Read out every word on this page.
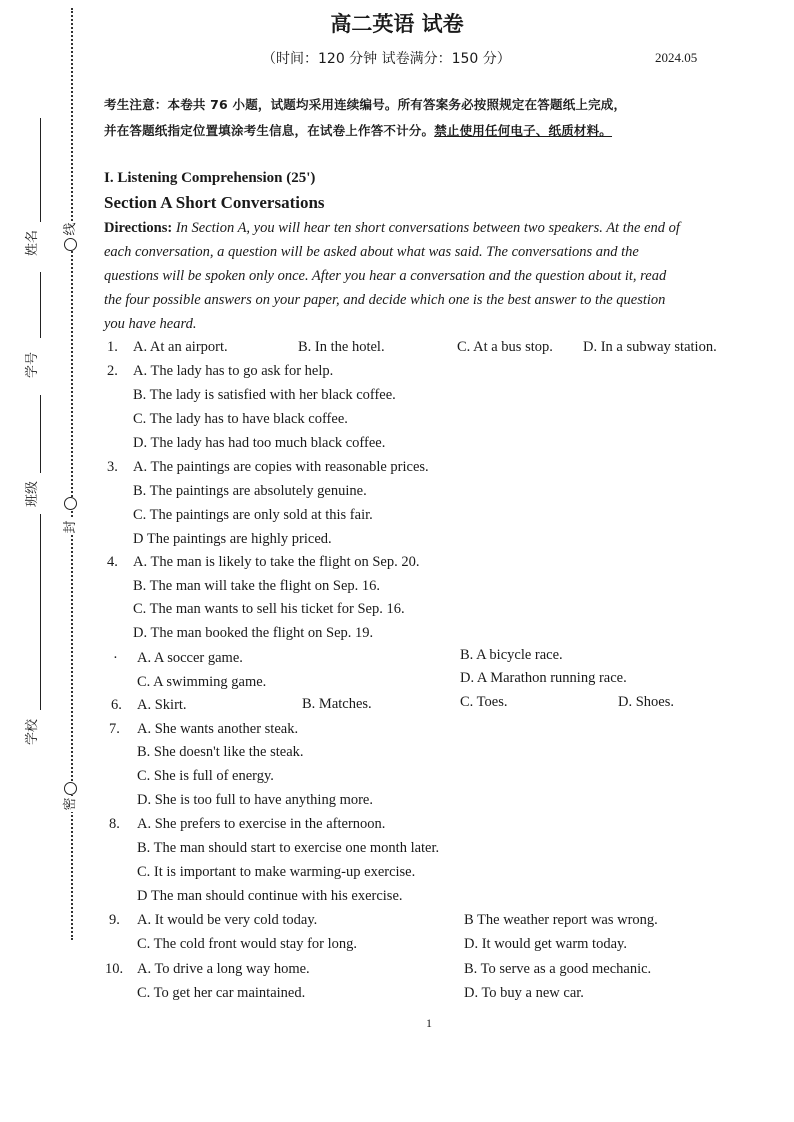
线
封
密
姓名
学号
班级
学校
高二英语 试卷
（时间：120 分钟 试卷满分：150 分）	2024.05
考生注意：本卷共 76 小题，试题均采用连续编号。所有答案务必按照规定在答题纸上完成，
并在答题纸指定位置填涂考生信息，在试卷上作答不计分。禁止使用任何电子、纸质材料。
I. Listening Comprehension (25')
Section A Short Conversations
Directions: In Section A, you will hear ten short conversations between two speakers. At the end of
each conversation, a question will be asked about what was said. The conversations and the
questions will be spoken only once. After you hear a conversation and the question about it, read
the four possible answers on your paper, and decide which one is the best answer to the question
you have heard.
1. A. At an airport.	B. In the hotel.	C. At a bus stop. D. In a subway station.
2. A. The lady has to go ask for help.
B. The lady is satisfied with her black coffee.
C. The lady has to have black coffee.
D. The lady has had too much black coffee.
3. A. The paintings are copies with reasonable prices.
B. The paintings are absolutely genuine.
C. The paintings are only sold at this fair.
D The paintings are highly priced.
4. A. The man is likely to take the flight on Sep. 20.
B. The man will take the flight on Sep. 16.
C. The man wants to sell his ticket for Sep. 16.
D. The man booked the flight on Sep. 19.
· A. A soccer game.	B. A bicycle race.
C. A swimming game.	D. A Marathon running race.
6. A. Skirt.	B. Matches.	C. Toes.	D. Shoes.
7. A. She wants another steak.
B. She doesn't like the steak.
C. She is full of energy.
D. She is too full to have anything more.
8. A. She prefers to exercise in the afternoon.
B. The man should start to exercise one month later.
C. It is important to make warming-up exercise.
D The man should continue with his exercise.
9. A. It would be very cold today.	B The weather report was wrong.
C. The cold front would stay for long.	D. It would get warm today.
10. A. To drive a long way home.	B. To serve as a good mechanic.
C. To get her car maintained.	D. To buy a new car.
1
